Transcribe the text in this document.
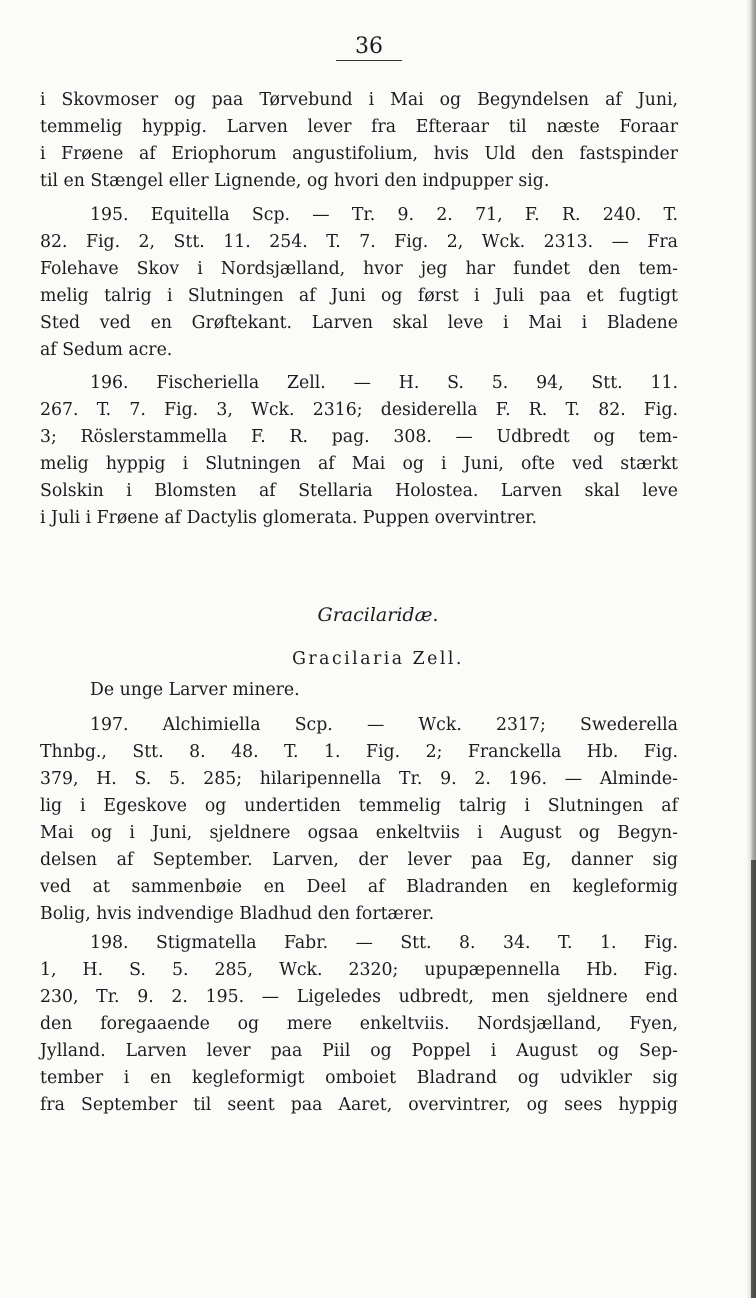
36
i Skovmoser og paa Tørvebund i Mai og Begyndelsen af Juni,
temmelig hyppig. Larven lever fra Efteraar til næste Foraar
i Frøene af Eriophorum angustifolium, hvis Uld den fastspinder
til en Stængel eller Lignende, og hvori den indpupper sig.
195. Equitella Scp. — Tr. 9. 2. 71, F. R. 240. T.
82. Fig. 2, Stt. 11. 254. T. 7. Fig. 2, Wck. 2313. — Fra
Folehave Skov i Nordsjælland, hvor jeg har fundet den tem-
melig talrig i Slutningen af Juni og først i Juli paa et fugtigt
Sted ved en Grøftekant. Larven skal leve i Mai i Bladene
af Sedum acre.
196. Fischeriella Zell. — H. S. 5. 94, Stt. 11.
267. T. 7. Fig. 3, Wck. 2316; desiderella F. R. T. 82. Fig.
3; Röslerstammella F. R. pag. 308. — Udbredt og tem-
melig hyppig i Slutningen af Mai og i Juni, ofte ved stærkt
Solskin i Blomsten af Stellaria Holostea. Larven skal leve
i Juli i Frøene af Dactylis glomerata. Puppen overvintrer.
Gracilaridæ.
Gracilaria Zell.
De unge Larver minere.
197. Alchimiella Scp. — Wck. 2317; Swederella
Thnbg., Stt. 8. 48. T. 1. Fig. 2; Franckella Hb. Fig.
379, H. S. 5. 285; hilaripennella Tr. 9. 2. 196. — Alminde-
lig i Egeskove og undertiden temmelig talrig i Slutningen af
Mai og i Juni, sjeldnere ogsaa enkeltviis i August og Begyn-
delsen af September. Larven, der lever paa Eg, danner sig
ved at sammenbøie en Deel af Bladranden en kegleformig
Bolig, hvis indvendige Bladhud den fortærer.
198. Stigmatella Fabr. — Stt. 8. 34. T. 1. Fig.
1, H. S. 5. 285, Wck. 2320; upupæpennella Hb. Fig.
230, Tr. 9. 2. 195. — Ligeledes udbredt, men sjeldnere end
den foregaaende og mere enkeltviis. Nordsjælland, Fyen,
Jylland. Larven lever paa Piil og Poppel i August og Sep-
tember i en kegleformigt omboiet Bladrand og udvikler sig
fra September til seent paa Aaret, overvintrer, og sees hyppig
